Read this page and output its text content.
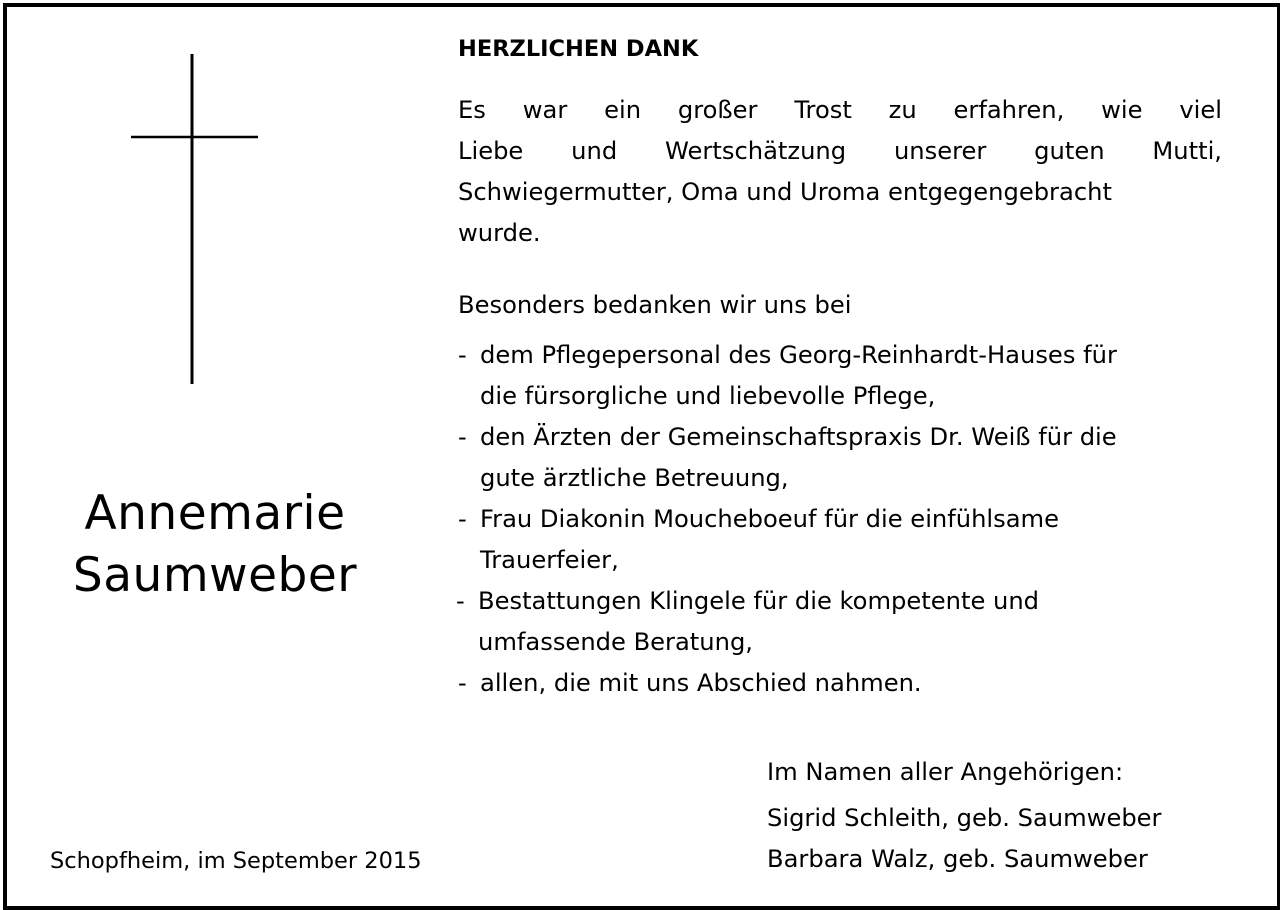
Annemarie
Saumweber
Schopfheim, im September 2015
HERZLICHEN DANK
Es war ein großer Trost zu erfahren, wie viel
Liebe und Wertschätzung unserer guten Mutti,
Schwiegermutter, Oma und Uroma entgegengebracht
wurde.
Besonders bedanken wir uns bei
- dem Pflegepersonal des Georg-Reinhardt-Hauses für
die fürsorgliche und liebevolle Pflege,
- den Ärzten der Gemeinschaftspraxis Dr. Weiß für die
gute ärztliche Betreuung,
- Frau Diakonin Moucheboeuf für die einfühlsame
Trauerfeier,
- Bestattungen Klingele für die kompetente und
umfassende Beratung,
- allen, die mit uns Abschied nahmen.
Im Namen aller Angehörigen:
Sigrid Schleith, geb. Saumweber
Barbara Walz, geb. Saumweber
